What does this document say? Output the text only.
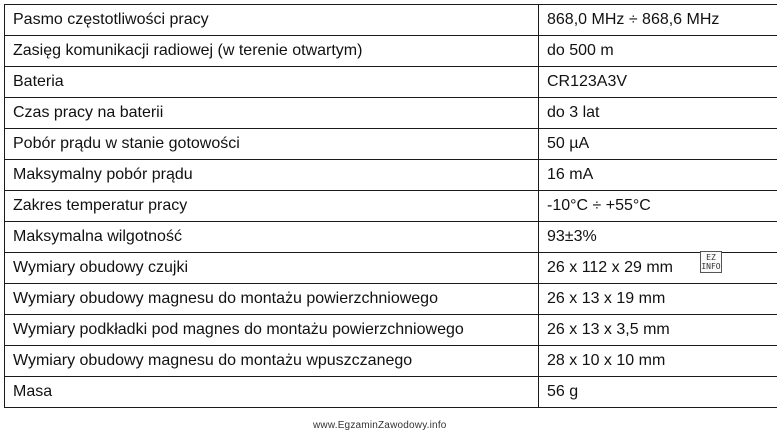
Pasmo częstotliwości pracy	868,0 MHz ÷ 868,6 MHz
Zasięg komunikacji radiowej (w terenie otwartym)	do 500 m
Bateria	CR123A3V
Czas pracy na baterii	do 3 lat
Pobór prądu w stanie gotowości	50 µA
Maksymalny pobór prądu	16 mA
Zakres temperatur pracy	-10°C ÷ +55°C
Maksymalna wilgotność	93±3%
Wymiary obudowy czujki	26 x 112 x 29 mm
Wymiary obudowy magnesu do montażu powierzchniowego	26 x 13 x 19 mm
Wymiary podkładki pod magnes do montażu powierzchniowego	26 x 13 x 3,5 mm
Wymiary obudowy magnesu do montażu wpuszczanego	28 x 10 x 10 mm
Masa	56 g
EZ
INFO
www.EgzaminZawodowy.info
